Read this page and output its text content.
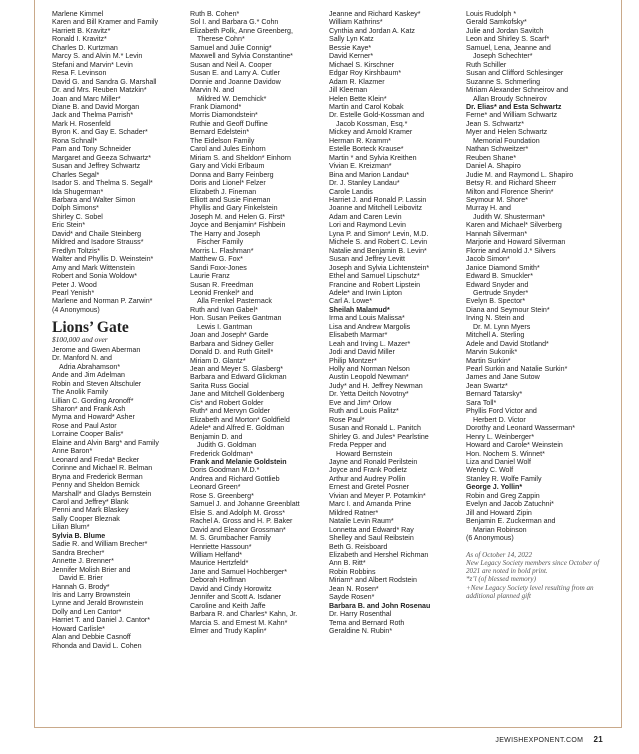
Marlene Kimmel
Karen and Bill Kramer and Family
Harriett B. Kravitz*
Ronald I. Kravitz*
Charles D. Kurtzman
Marcy S. and Alvin M.* Levin
Stefani and Marvin* Levin
Resa F. Levinson
David G. and Sandra G. Marshall
Dr. and Mrs. Reuben Matzkin*
Joan and Marc Miller*
Diane B. and David Morgan
Jack and Thelma Parrish*
Mark H. Rosenfeld
Byron K. and Gay E. Schader*
Rona Schnall*
Pam and Tony Schneider
Margaret and Geeza Schwartz*
Susan and Jeffrey Schwartz
Charles Segal*
Isador S. and Thelma S. Segall*
Ida Shugerman*
Barbara and Walter Simon
Dolph Simons*
Shirley C. Sobel
Eric Stein*
David* and Chaile Steinberg
Mildred and Isadore Strauss*
Fredlyn Toltzis*
Walter and Phyllis D. Weinstein*
Amy and Mark Wittenstein
Robert and Sonia Woldow*
Peter J. Wood
Pearl Yenish*
Marlene and Norman P. Zarwin*
(4 Anonymous)
Lions’ Gate
$100,000 and over
Jerome and Gwen Aberman
Dr. Manford N. and
Adria Abrahamson*
Ande and Jim Adelman
Robin and Steven Altschuler
The Anolik Family
Lillian C. Gording Aronoff*
Sharon* and Frank Ash
Myrna and Howard* Asher
Rose and Paul Astor
Lorraine Cooper Balis*
Elaine and Alvin Barg* and Family
Anne Baron*
Leonard and Freda* Becker
Corinne and Michael R. Belman
Bryna and Frederick Berman
Penny and Sheldon Bernick
Marshall* and Gladys Bernstein
Carol and Jeffrey* Blank
Penni and Mark Blaskey
Sally Cooper Bleznak
Lilian Blum*
Sylvia B. Blume
Sadie R. and William Brecher*
Sandra Brecher*
Annette J. Brenner*
Jennifer Molish Brier and
David E. Brier
Hannah G. Brody*
Iris and Larry Brownstein
Lynne and Jerald Brownstein
Dolly and Len Cantor*
Harriet T. and Daniel J. Cantor*
Howard Carlisle*
Alan and Debbie Casnoff
Rhonda and David L. Cohen
Ruth B. Cohen*
Sol I. and Barbara G.* Cohn
Elizabeth Polk, Anne Greenberg,
Therese Cohn*
Samuel and Julie Connig*
Maxwell and Sylvia Constantine*
Susan and Neil A. Cooper
Susan E. and Larry A. Cutler
Donnie and Joanne Davidow
Marvin N. and
Mildred W. Demchick*
Frank Diamond*
Morris Diamondstein*
Ruthie and Geoff Duffine
Bernard Edelstein*
The Eidelson Family
Carol and Jules Einhorn
Miriam S. and Sheldon* Einhorn
Gary and Vicki Erlbaum
Donna and Barry Feinberg
Doris and Lionel* Felzer
Elizabeth J. Fineman
Elliott and Susie Fineman
Phyllis and Gary Finkelstein
Joseph M. and Helen G. First*
Joyce and Benjamin* Fishbein
The Harry and Joseph
Fischer Family
Morris L. Flashman*
Matthew G. Fox*
Sandi Foxx-Jones
Laurie Franz
Susan R. Freedman
Leonid Frenkel* and
Alla Frenkel Pasternack
Ruth and Ivan Gabel*
Hon. Susan Peikes Gantman
Lewis I. Gantman
Joan and Joseph* Garde
Barbara and Sidney Geller
Donald D. and Ruth Gitell*
Miriam D. Glantz*
Jean and Meyer S. Glasberg*
Barbara and Edward Glickman
Sarita Russ Gocial
Jane and Mitchell Goldenberg
Cis* and Robert Golder
Ruth* and Mervyn Golder
Elizabeth and Morton* Goldfield
Adele* and Alfred E. Goldman
Benjamin D. and
Judith G. Goldman
Frederick Goldman*
Frank and Melanie Goldstein
Doris Goodman M.D.*
Andrea and Richard Gottlieb
Leonard Green*
Rose S. Greenberg*
Samuel J. and Johanne Greenblatt
Elsie S. and Adolph M. Gross*
Rachel A. Gross and H. P. Baker
David and Eleanor Grossman*
M. S. Grumbacher Family
Henriette Hassoun*
William Helfand*
Maurice Hertzfeld*
Jane and Samuel Hochberger*
Deborah Hoffman
David and Cindy Horowitz
Jennifer and Scott A. Isdaner
Caroline and Keith Jaffe
Barbara R. and Charles* Kahn, Jr.
Marcia S. and Ernest M. Kahn*
Elmer and Trudy Kaplin*
Jeanne and Richard Kaskey*
William Kathrins*
Cynthia and Jordan A. Katz
Sally Lyn Katz
Bessie Kaye*
David Kerner*
Michael S. Kirschner
Edgar Roy Kirshbaum*
Adam R. Klazmer
Jill Kleeman
Helen Bette Klein*
Martin and Carol Kobak
Dr. Estelle Gold-Kossman and
Jacob Kossman, Esq.*
Mickey and Arnold Kramer
Herman R. Kramm*
Estelle Borteck Krause*
Martin * and Sylvia Kreithen
Vivian E. Kreizman*
Bina and Marion Landau*
Dr. J. Stanley Landau*
Carole Landis
Harriet J. and Ronald P. Lassin
Joanne and Mitchell Leibovitz
Adam and Caren Levin
Lori and Raymond Levin
Lyna P. and Simon* Levin, M.D.
Michele S. and Robert C. Levin
Natalie and Benjamin B. Levin*
Susan and Jeffrey Levitt
Joseph and Sylvia Lichtenstein*
Ethel and Samuel Lipschutz*
Francine and Robert Lipstein
Adele* and Irwin Lipton
Carl A. Lowe*
Sheilah Malamud*
Irma and Louis Malissa*
Lisa and Andrew Margolis
Elisabeth Marmar*
Leah and Irving L. Mazer*
Jodi and David Miller
Philip Montzer*
Holly and Norman Nelson
Austin Leopold Newman*
Judy* and H. Jeffrey Newman
Dr. Yetta Deitch Novotny*
Eve and Jim* Orlow
Ruth and Louis Palitz*
Rose Paul*
Susan and Ronald L. Panitch
Shirley G. and Jules* Pearlstine
Freda Pepper and
Howard Bernstein
Jayne and Ronald Perilstein
Joyce and Frank Podietz
Arthur and Audrey Pollin
Ernest and Gretel Posner
Vivian and Meyer P. Potamkin*
Marc I. and Amanda Prine
Mildred Ratner*
Natalie Levin Raum*
Lonnetta and Edward* Ray
Shelley and Saul Reibstein
Beth G. Reisboard
Elizabeth and Hershel Richman
Ann B. Ritt*
Robin Robbins
Miriam* and Albert Rodstein
Jean N. Rosen*
Sayde Rosen*
Barbara B. and John Rosenau
Dr. Harry Rosenthal
Tema and Bernard Roth
Geraldine N. Rubin*
Louis Rudolph *
Gerald Samkofsky*
Julie and Jordan Savitch
Leon and Shirley S. Scarf*
Samuel, Lena, Jeanne and
Joseph Schechter*
Ruth Schiller
Susan and Clifford Schlesinger
Suzanne S. Schmerling
Miriam Alexander Schneirov and
Allan Broudy Schneirov
Dr. Elias* and Esta Schwartz
Ferne* and William Schwartz
Jean S. Schwartz*
Myer and Helen Schwartz
Memorial Foundation
Nathan Schweitzer*
Reuben Shane*
Daniel A. Shapiro
Judie M. and Raymond L. Shapiro
Betsy R. and Richard Sheerr
Milton and Florence Sherin*
Seymour M. Shore*
Murray H. and
Judith W. Shusterman*
Karen and Michael* Silverberg
Hannah Silverman*
Marjorie and Howard Silverman
Florrie and Arnold J.* Silvers
Jacob Simon*
Janice Diamond Smith*
Edward B. Smuckler*
Edward Snyder and
Gertrude Snyder*
Evelyn B. Spector*
Diana and Seymour Stein*
Irving N. Stein and
Dr. M. Lynn Myers
Mitchell A. Sterling
Adele and David Stotland*
Marvin Sukonik*
Martin Surkin*
Pearl Surkin and Natalie Surkin*
James and Jane Sutow
Jean Swartz*
Bernard Tatarsky*
Sara Toll*
Phyllis Ford Victor and
Herbert D. Victor
Dorothy and Leonard Wasserman*
Henry L. Weinberger*
Howard and Carole* Weinstein
Hon. Nochem S. Winnet*
Liza and Daniel Wolf
Wendy C. Wolf
Stanley R. Wolfe Family
George J. Yollin*
Robin and Greg Zappin
Evelyn and Jacob Zatuchni*
Jill and Howard Zipin
Benjamin E. Zuckerman and
Marian Robinson
(6 Anonymous)
As of October 14, 2022
New Legacy Society members since October of 2021 are noted in bold print.
*z’l (of blessed memory)
+New Legacy Society level resulting from an additional planned gift
JEWISHEXPONENT.COM 21
